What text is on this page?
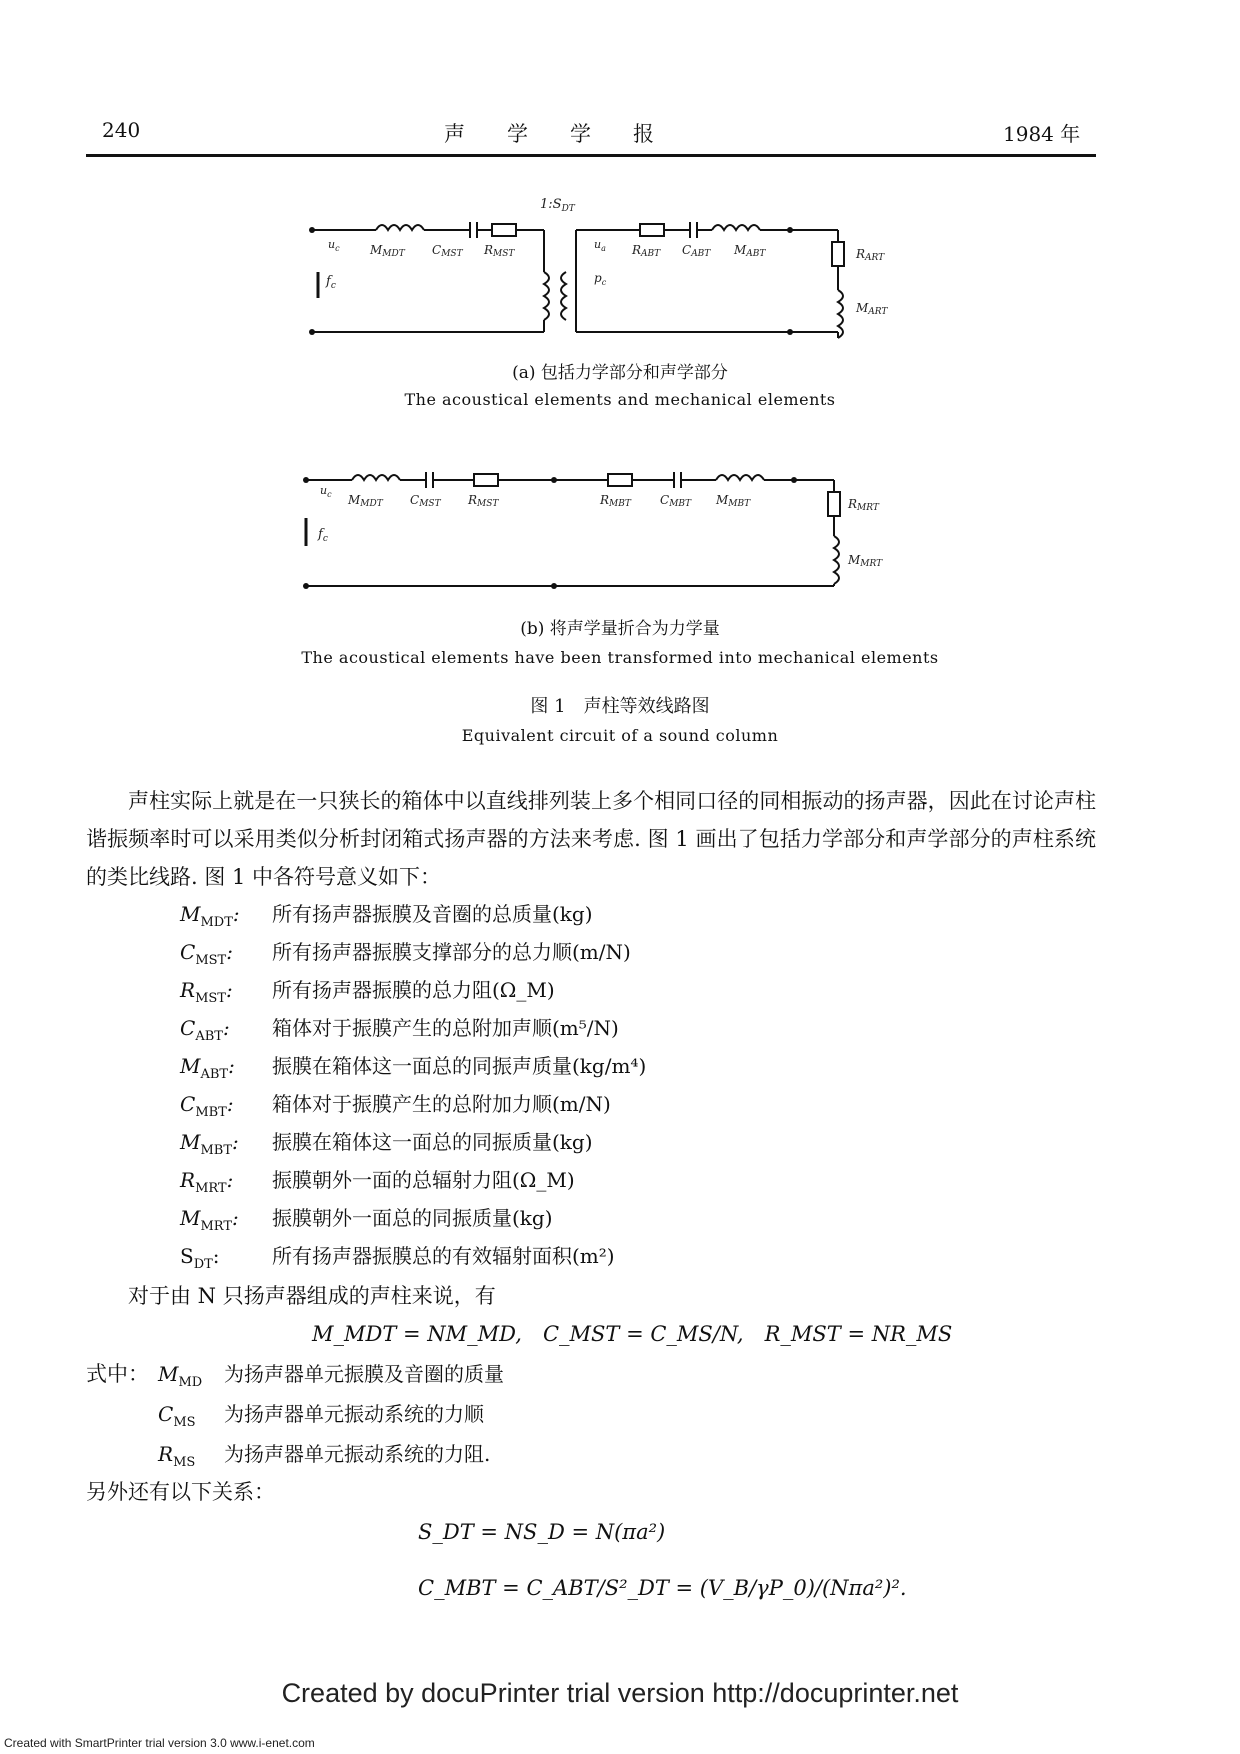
240	声　　学　　学　　报	1984 年
$1:S_{DT}$
$u_c$
$f_c$
MMDT CMST RMST
$u_a$
$p_c$
RABT CABT MABT	RART
MART
(a) 包括力学部分和声学部分
The acoustical elements and mechanical elements
$u_c$
$f_c$
MMDT CMST RMST	RMBT CMBT MMBT	RMRT
MMRT
(b) 将声学量折合为力学量
The acoustical elements have been transformed into mechanical elements
图 1　声柱等效线路图
Equivalent circuit of a sound column
声柱实际上就是在一只狭长的箱体中以直线排列装上多个相同口径的同相振动的扬声器，因此在讨论声柱谐振频率时可以采用类似分析封闭箱式扬声器的方法来考虑. 图 1 画出了包括力学部分和声学部分的声柱系统的类比线路. 图 1 中各符号意义如下：
$M_{MDT}$: 所有扬声器振膜及音圈的总质量(kg)
$C_{MST}$: 所有扬声器振膜支撑部分的总力顺(m/N)
$R_{MST}$: 所有扬声器振膜的总力阻(Ω_M)
$C_{ABT}$: 箱体对于振膜产生的总附加声顺(m⁵/N)
$M_{ABT}$: 振膜在箱体这一面总的同振声质量(kg/m⁴)
$C_{MBT}$: 箱体对于振膜产生的总附加力顺(m/N)
$M_{MBT}$: 振膜在箱体这一面总的同振质量(kg)
$R_{MRT}$: 振膜朝外一面的总辐射力阻(Ω_M)
$M_{MRT}$: 振膜朝外一面总的同振质量(kg)
$S_{DT}$:	所有扬声器振膜总的有效辐射面积(m²)
对于由 N 只扬声器组成的声柱来说，有
M_MDT = NM_MD,　C_MST = C_MS/N,　R_MST = NR_MS
式中： $M_{MD}$ 为扬声器单元振膜及音圈的质量
$C_{MS}$ 为扬声器单元振动系统的力顺
$R_{MS}$ 为扬声器单元振动系统的力阻.
另外还有以下关系：
S_DT = NS_D = N(πa²)
C_MBT = C_ABT/S²_DT = (V_B/γP_0)/(Nπa²)².
Created by docuPrinter trial version http://docuprinter.net
Created with SmartPrinter trial version 3.0 www.i-enet.com
